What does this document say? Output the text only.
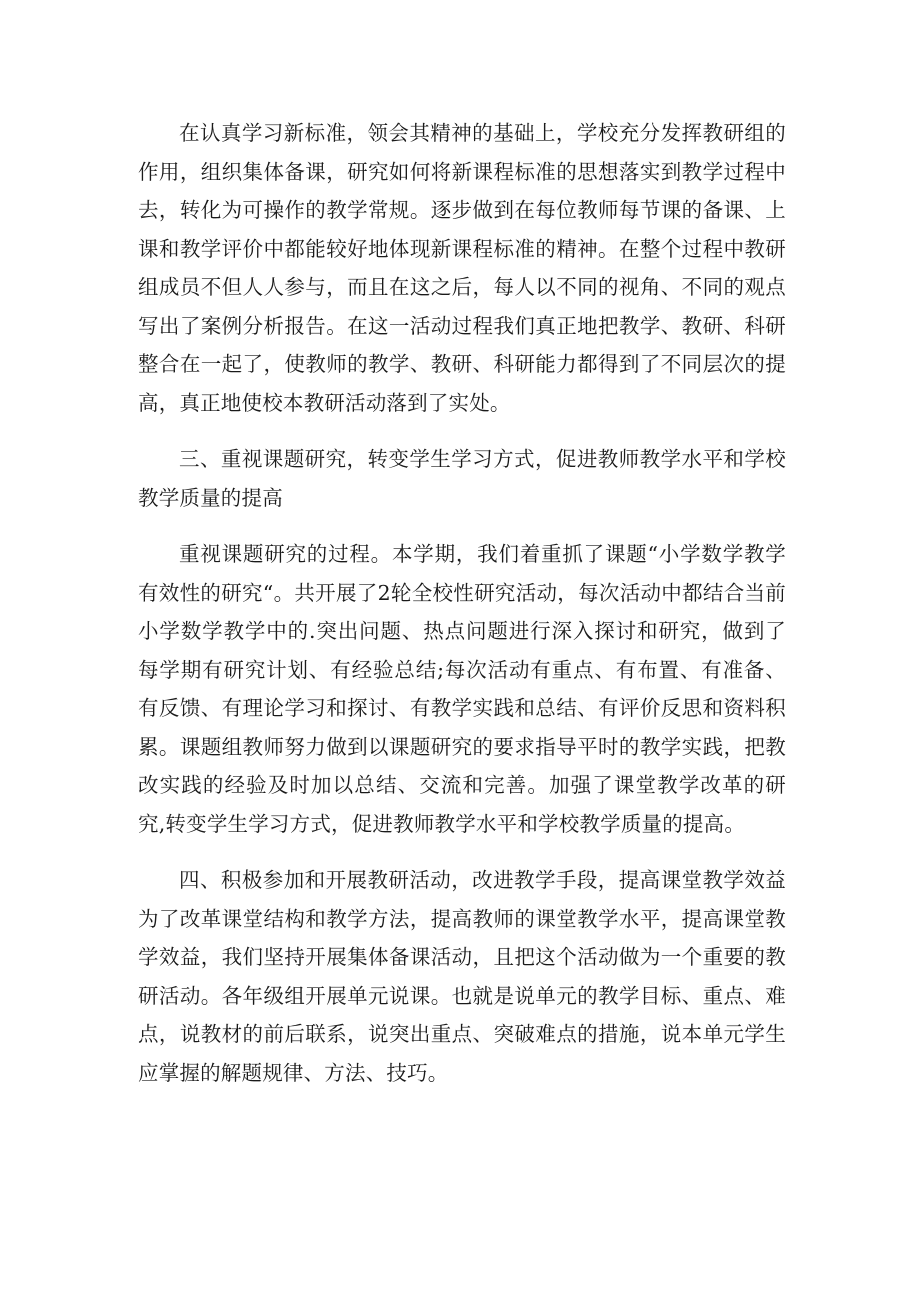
在认真学习新标准，领会其精神的基础上，学校充分发挥教研组的作用，组织集体备课，研究如何将新课程标准的思想落实到教学过程中去，转化为可操作的教学常规。逐步做到在每位教师每节课的备课、上课和教学评价中都能较好地体现新课程标准的精神。在整个过程中教研组成员不但人人参与，而且在这之后，每人以不同的视角、不同的观点写出了案例分析报告。在这一活动过程我们真正地把教学、教研、科研整合在一起了，使教师的教学、教研、科研能力都得到了不同层次的提高，真正地使校本教研活动落到了实处。

三、重视课题研究，转变学生学习方式，促进教师教学水平和学校教学质量的提高

重视课题研究的过程。本学期，我们着重抓了课题“小学数学教学有效性的研究“。共开展了2轮全校性研究活动，每次活动中都结合当前小学数学教学中的.突出问题、热点问题进行深入探讨和研究，做到了每学期有研究计划、有经验总结;每次活动有重点、有布置、有准备、有反馈、有理论学习和探讨、有教学实践和总结、有评价反思和资料积累。课题组教师努力做到以课题研究的要求指导平时的教学实践，把教改实践的经验及时加以总结、交流和完善。加强了课堂教学改革的研究,转变学生学习方式，促进教师教学水平和学校教学质量的提高。

四、积极参加和开展教研活动，改进教学手段，提高课堂教学效益为了改革课堂结构和教学方法，提高教师的课堂教学水平，提高课堂教学效益，我们坚持开展集体备课活动，且把这个活动做为一个重要的教研活动。各年级组开展单元说课。也就是说单元的教学目标、重点、难点，说教材的前后联系，说突出重点、突破难点的措施，说本单元学生应掌握的解题规律、方法、技巧。
